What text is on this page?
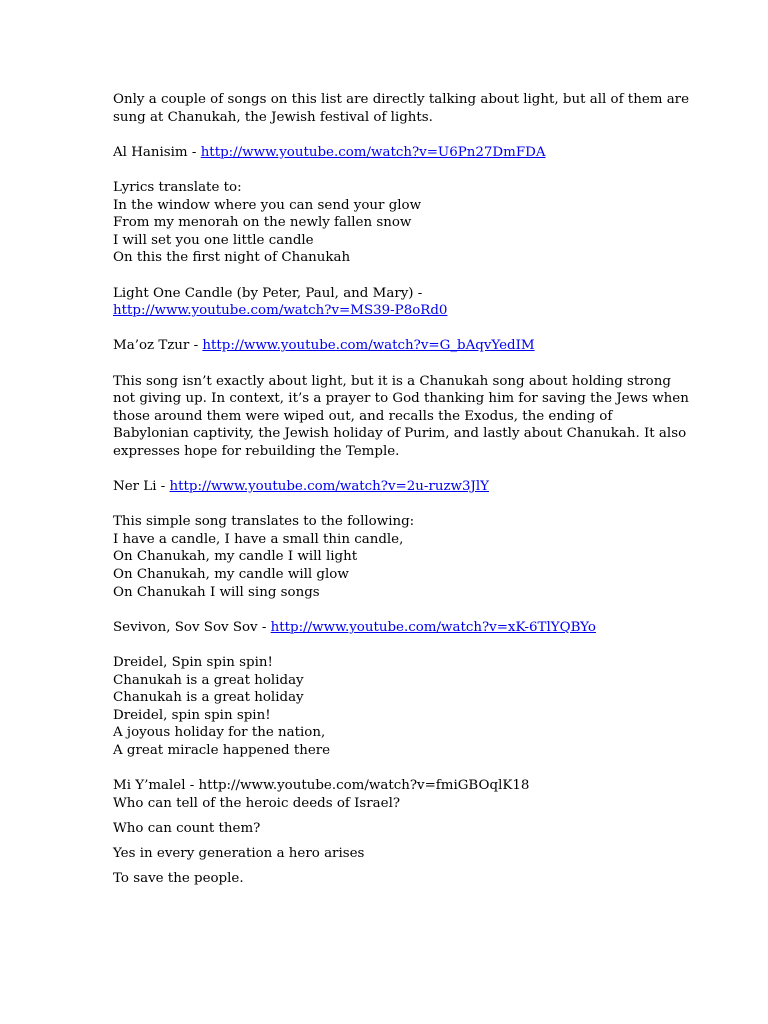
Only a couple of songs on this list are directly talking about light, but all of them are
sung at Chanukah, the Jewish festival of lights.
Al Hanisim - http://www.youtube.com/watch?v=U6Pn27DmFDA
Lyrics translate to:
In the window where you can send your glow
From my menorah on the newly fallen snow
I will set you one little candle
On this the first night of Chanukah
Light One Candle (by Peter, Paul, and Mary) -
http://www.youtube.com/watch?v=MS39-P8oRd0
Ma’oz Tzur - http://www.youtube.com/watch?v=G_bAqvYedIM
This song isn’t exactly about light, but it is a Chanukah song about holding strong
not giving up. In context, it’s a prayer to God thanking him for saving the Jews when
those around them were wiped out, and recalls the Exodus, the ending of
Babylonian captivity, the Jewish holiday of Purim, and lastly about Chanukah. It also
expresses hope for rebuilding the Temple.
Ner Li - http://www.youtube.com/watch?v=2u-ruzw3JlY
This simple song translates to the following:
I have a candle, I have a small thin candle,
On Chanukah, my candle I will light
On Chanukah, my candle will glow
On Chanukah I will sing songs
Sevivon, Sov Sov Sov - http://www.youtube.com/watch?v=xK-6TlYQBYo
Dreidel, Spin spin spin!
Chanukah is a great holiday
Chanukah is a great holiday
Dreidel, spin spin spin!
A joyous holiday for the nation,
A great miracle happened there
Mi Y’malel - http://www.youtube.com/watch?v=fmiGBOqlK18
Who can tell of the heroic deeds of Israel?
Who can count them?
Yes in every generation a hero arises
To save the people.
